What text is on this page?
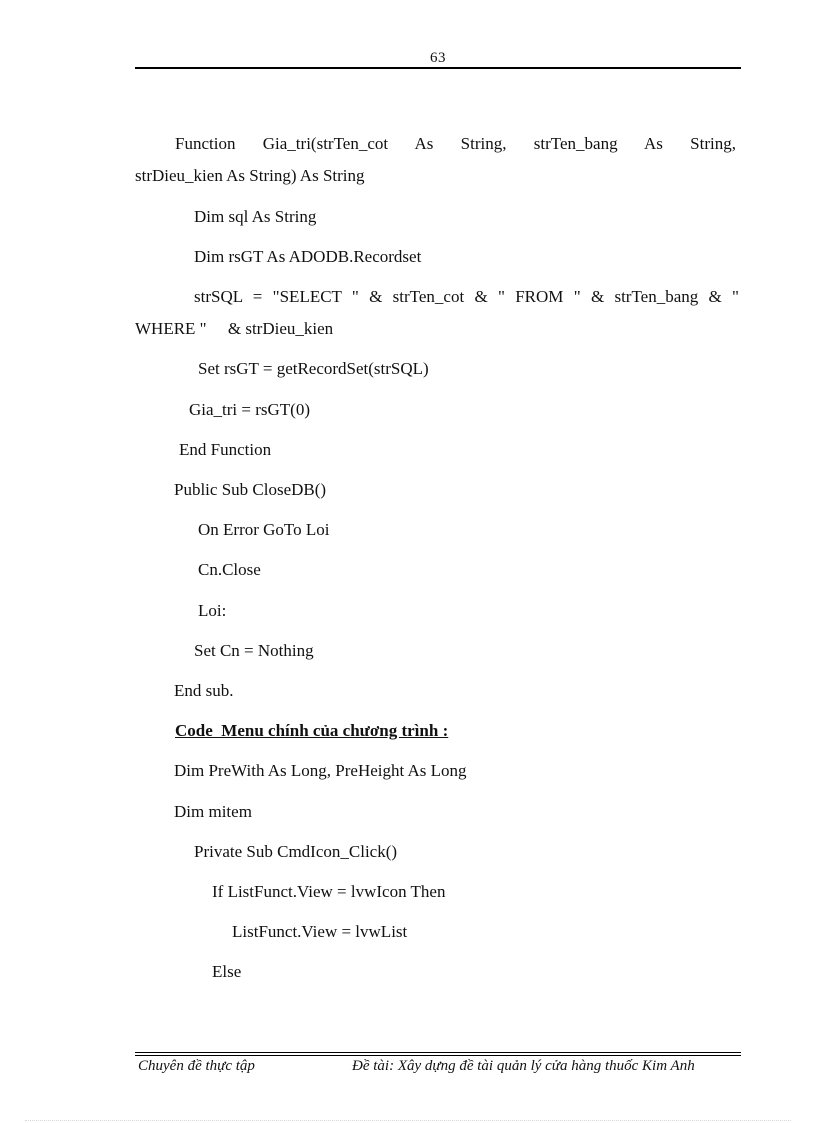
63
Function Gia_tri(strTen_cot As String, strTen_bang As String,
strDieu_kien As String) As String
Dim sql As String
Dim rsGT As ADODB.Recordset
strSQL = "SELECT " & strTen_cot & " FROM " & strTen_bang & "
WHERE "     & strDieu_kien
Set rsGT = getRecordSet(strSQL)
Gia_tri = rsGT(0)
End Function
Public Sub CloseDB()
On Error GoTo Loi
Cn.Close
Loi:
Set Cn = Nothing
End sub.
Code  Menu chính của chương trình :
Dim PreWith As Long, PreHeight As Long
Dim mitem
Private Sub CmdIcon_Click()
If ListFunct.View = lvwIcon Then
ListFunct.View = lvwList
Else
Chuyên đề thực tập	Đề tài: Xây dựng đề tài quản lý cửa hàng thuốc Kim Anh
